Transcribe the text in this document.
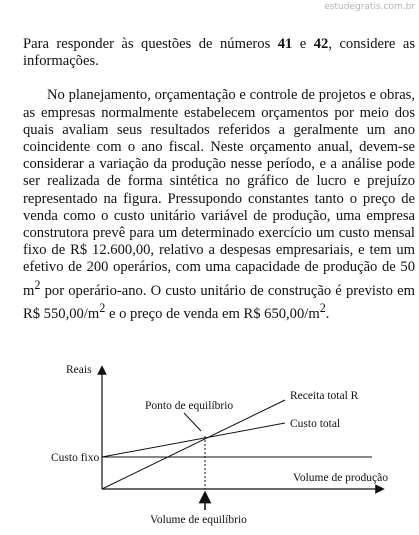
estudegratis.com.br

Para responder às questões de números 41 e 42, considere as informações.

No planejamento, orçamentação e controle de projetos e obras, as empresas normalmente estabelecem orçamentos por meio dos quais avaliam seus resultados referidos a geralmente um ano coincidente com o ano fiscal. Neste orçamento anual, devem-se considerar a variação da produção nesse período, e a análise pode ser realizada de forma sintética no gráfico de lucro e prejuízo representado na figura. Pressupondo constantes tanto o preço de venda como o custo unitário variável de produção, uma empresa construtora prevê para um determinado exercício um custo mensal fixo de R$ 12.600,00, relativo a despesas empresariais, e tem um efetivo de 200 operários, com uma capacidade de produção de 50 $m^2$ por operário-ano. O custo unitário de construção é previsto em R$ $550,00/m^2$ e o preço de venda em R$ $650,00/m^2$.

Reais
Custo fixo
Ponto de equilíbrio
Receita total R
Custo total
Volume de produção
Volume de equilíbrio
